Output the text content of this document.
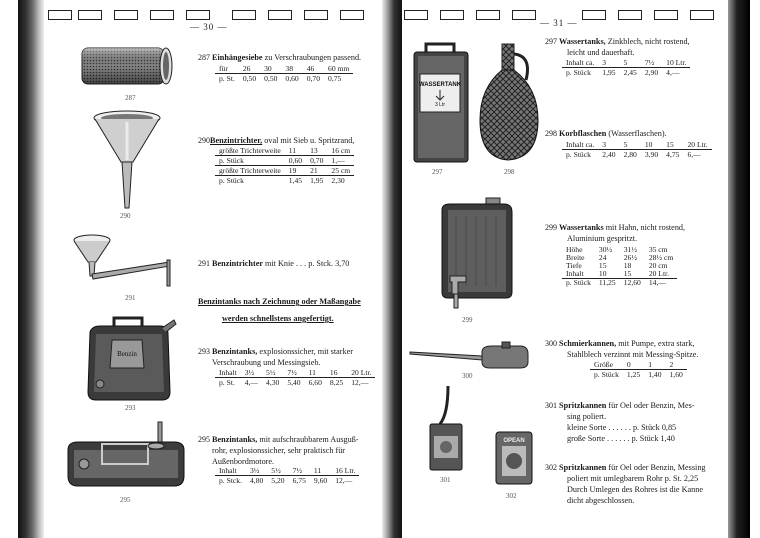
— 30 —
287
287 Einhängesiebe zu Verschraubungen passend.
für	26	30	38	46	60 mm
p. St.	0,50	0,50	0,60	0,70	0,75
290
290Benzintrichter, oval mit Sieb u. Spritzrand,
größte Trichterweite	11	13	16 cm
p. Stück	0,60	0,70	1,—
größte Trichterweite	19	21	25 cm
p. Stück	1,45	1,95	2,30
291
291 Benzintrichter mit Knie . . . p. Stck. 3,70
Benzintanks nach Zeichnung oder Maßangabe
werden schnellstens angefertigt.
Benzin
293
293 Benzintanks, explosionssicher, mit starker
Verschraubung und Messingsieb.
Inhalt	3½	5½	7½	11	16	20 Ltr.
p. St.	4,—	4,30	5,40	6,60	8,25	12,—
295
295 Benzintanks, mit aufschraubbarem Ausguß-
rohr, explosionssicher, sehr praktisch für
Außenbordmotore.
Inhalt	3½	5½	7½	11	16 Ltr.
p. Stck.	4,80	5,20	6,75	9,60	12,—
— 31 —
WASSERTANK
3 Ltr
297	298
297 Wassertanks, Zinkblech, nicht rostend,
leicht und dauerhaft.
Inhalt ca.	3	5	7½	10 Ltr.
p. Stück	1,95	2,45	2,90	4,—
298 Korbflaschen (Wasserflaschen).
Inhalt ca.	3	5	10	15	20 Ltr.
p. Stück	2,40	2,80	3,90	4,75	6,—
299
299 Wassertanks mit Hahn, nicht rostend,
Aluminium gespritzt.
Höhe	30½	31½	35 cm
Breite	24	26½	28½ cm
Tiefe	15	18	20 cm
Inhalt	10	15	20 Ltr.
p. Stück	11,25	12,60	14,—
300
300 Schmierkannen, mit Pumpe, extra stark,
Stahlblech verzinnt mit Messing-Spitze.
Größe	0	1	2
p. Stück	1,25	1,40	1,60
301
OPEAN
302
301 Spritzkannen für Oel oder Benzin, Mes-
sing poliert.
kleine Sorte . . . . . . p. Stück 0,85
große Sorte . . . . . . p. Stück 1,40
302 Spritzkannen für Oel oder Benzin, Messing
poliert mit umlegbarem Rohr p. St. 2,25
Durch Umlegen des Rohres ist die Kanne
dicht abgeschlossen.
